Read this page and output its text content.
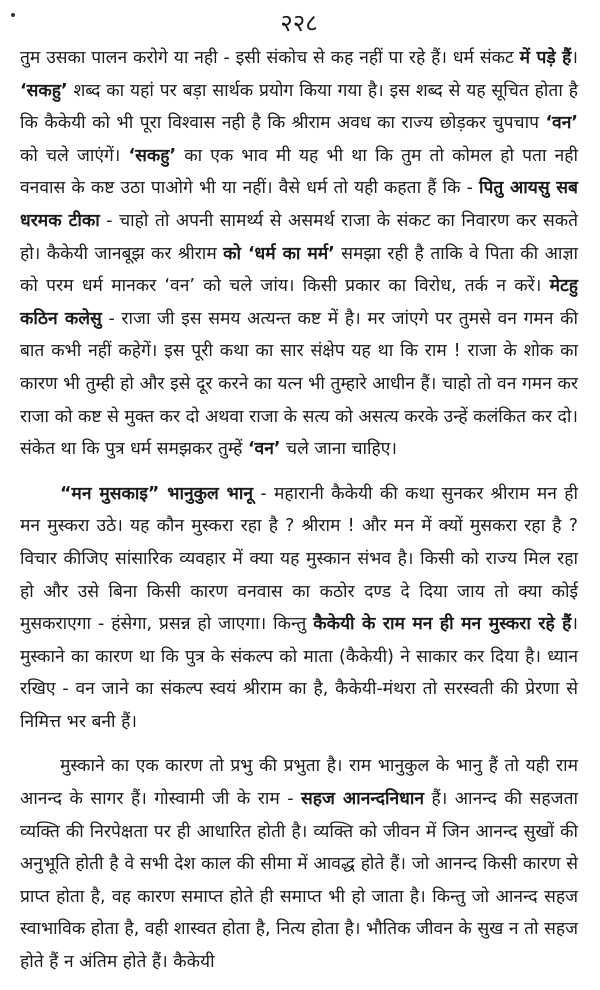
२२८

तुम उसका पालन करोगे या नही - इसी संकोच से कह नहीं पा रहे हैं। धर्म संकट में पड़े हैं। ‘सकहु’ शब्द का यहां पर बड़ा सार्थक प्रयोग किया गया है। इस शब्द से यह सूचित होता है कि कैकेयी को भी पूरा विश्वास नही है कि श्रीराम अवध का राज्य छोड़कर चुपचाप ‘वन’ को चले जाएंगें। ‘सकहु’ का एक भाव मी यह भी था कि तुम तो कोमल हो पता नही वनवास के कष्ट उठा पाओगे भी या नहीं। वैसे धर्म तो यही कहता हैं कि - पितु आयसु सब धरमक टीका - चाहो तो अपनी सामर्थ्य से असमर्थ राजा के संकट का निवारण कर सकते हो। कैकेयी जानबूझ कर श्रीराम को ‘धर्म का मर्म’ समझा रही है ताकि वे पिता की आज्ञा को परम धर्म मानकर ‘वन’ को चले जांय। किसी प्रकार का विरोध, तर्क न करें। मेटहु कठिन कलेसु - राजा जी इस समय अत्यन्त कष्ट में है। मर जांएगे पर तुमसे वन गमन की बात कभी नहीं कहेगें। इस पूरी कथा का सार संक्षेप यह था कि राम ! राजा के शोक का कारण भी तुम्ही हो और इसे दूर करने का यत्न भी तुम्हारे आधीन हैं। चाहो तो वन गमन कर राजा को कष्ट से मुक्त कर दो अथवा राजा के सत्य को असत्य करके उन्हें कलंकित कर दो। संकेत था कि पुत्र धर्म समझकर तुम्हें ‘वन’ चले जाना चाहिए।

“मन मुसकाइ” भानुकुल भानू - महारानी कैकेयी की कथा सुनकर श्रीराम मन ही मन मुस्करा उठे। यह कौन मुस्करा रहा है ? श्रीराम ! और मन में क्यों मुसकरा रहा है ? विचार कीजिए सांसारिक व्यवहार में क्या यह मुस्कान संभव है। किसी को राज्य मिल रहा हो और उसे बिना किसी कारण वनवास का कठोर दण्ड दे दिया जाय तो क्या कोई मुसकराएगा - हंसेगा, प्रसन्न हो जाएगा। किन्तु कैकेयी के राम मन ही मन मुस्करा रहे हैं। मुस्काने का कारण था कि पुत्र के संकल्प को माता (कैकेयी) ने साकार कर दिया है। ध्यान रखिए - वन जाने का संकल्प स्वयं श्रीराम का है, कैकेयी-मंथरा तो सरस्वती की प्रेरणा से निमित्त भर बनी हैं।

मुस्काने का एक कारण तो प्रभु की प्रभुता है। राम भानुकुल के भानु हैं तो यही राम आनन्द के सागर हैं। गोस्वामी जी के राम - सहज आनन्दनिधान हैं। आनन्द की सहजता व्यक्ति की निरपेक्षता पर ही आधारित होती है। व्यक्ति को जीवन में जिन आनन्द सुखों की अनुभूति होती है वे सभी देश काल की सीमा में आवद्ध होते हैं। जो आनन्द किसी कारण से प्राप्त होता है, वह कारण समाप्त होते ही समाप्त भी हो जाता है। किन्तु जो आनन्द सहज स्वाभाविक होता है, वही शास्वत होता है, नित्य होता है। भौतिक जीवन के सुख न तो सहज होते हैं न अंतिम होते हैं। कैकेयी
